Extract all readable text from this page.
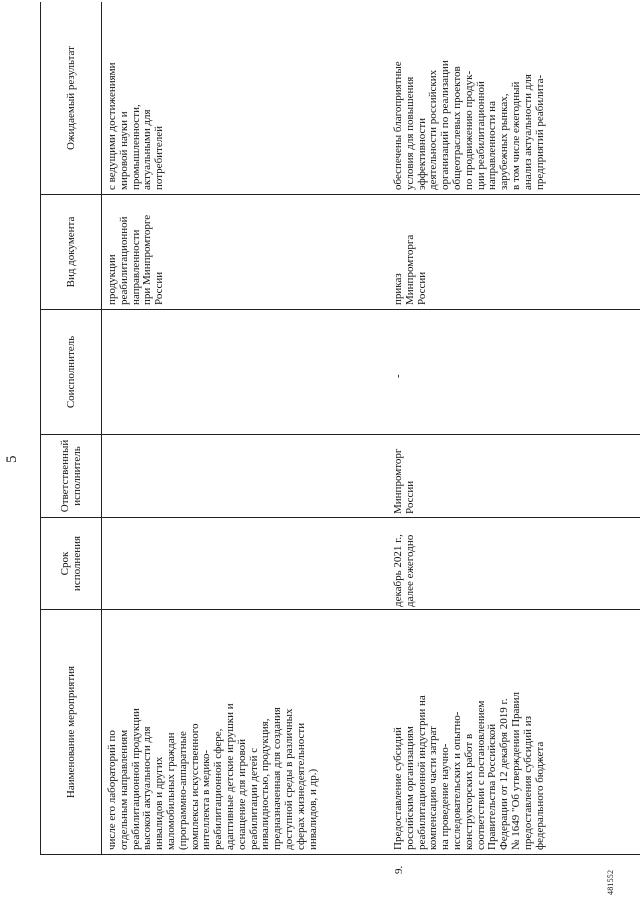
5
Наименование мероприятия
Срок
исполнения
Ответственный
исполнитель
Соисполнитель
Вид документа
Ожидаемый результат
числе его лабораторий по
отдельным направлениям
реабилитационной продукции
высокой актуальности для
инвалидов и других
маломобильных граждан
(программно-аппаратные
комплексы искусственного
интеллекта в медико-
реабилитационной сфере,
адаптивные детские игрушки и
оснащение для игровой
реабилитации детей с
инвалидностью, продукция,
предназначенная для создания
доступной среды в различных
сферах жизнедеятельности
инвалидов, и др.)
продукции
реабилитационной
направленности
при Минпромторге
России
с ведущими достижениями
мировой науки и
промышленности,
актуальными для
потребителей
9.
Предоставление субсидий
российским организациям
реабилитационной индустрии на
компенсацию части затрат
на проведение научно-
исследовательских и опытно-
конструкторских работ в
соответствии с постановлением
Правительства Российской
Федерации от 12 декабря 2019 г.
№ 1649 "Об утверждении Правил
предоставления субсидий из
федерального бюджета
декабрь 2021 г.,
далее ежегодно
Минпромторг
России
-
приказ
Минпромторга
России
обеспечены благоприятные
условия для повышения
эффективности
деятельности российских
организаций по реализации
общеотраслевых проектов
по продвижению продук-
ции реабилитационной
направленности на
зарубежных рынках,
в том числе ежегодный
анализ актуальности для
предприятий реабилита-
481552
